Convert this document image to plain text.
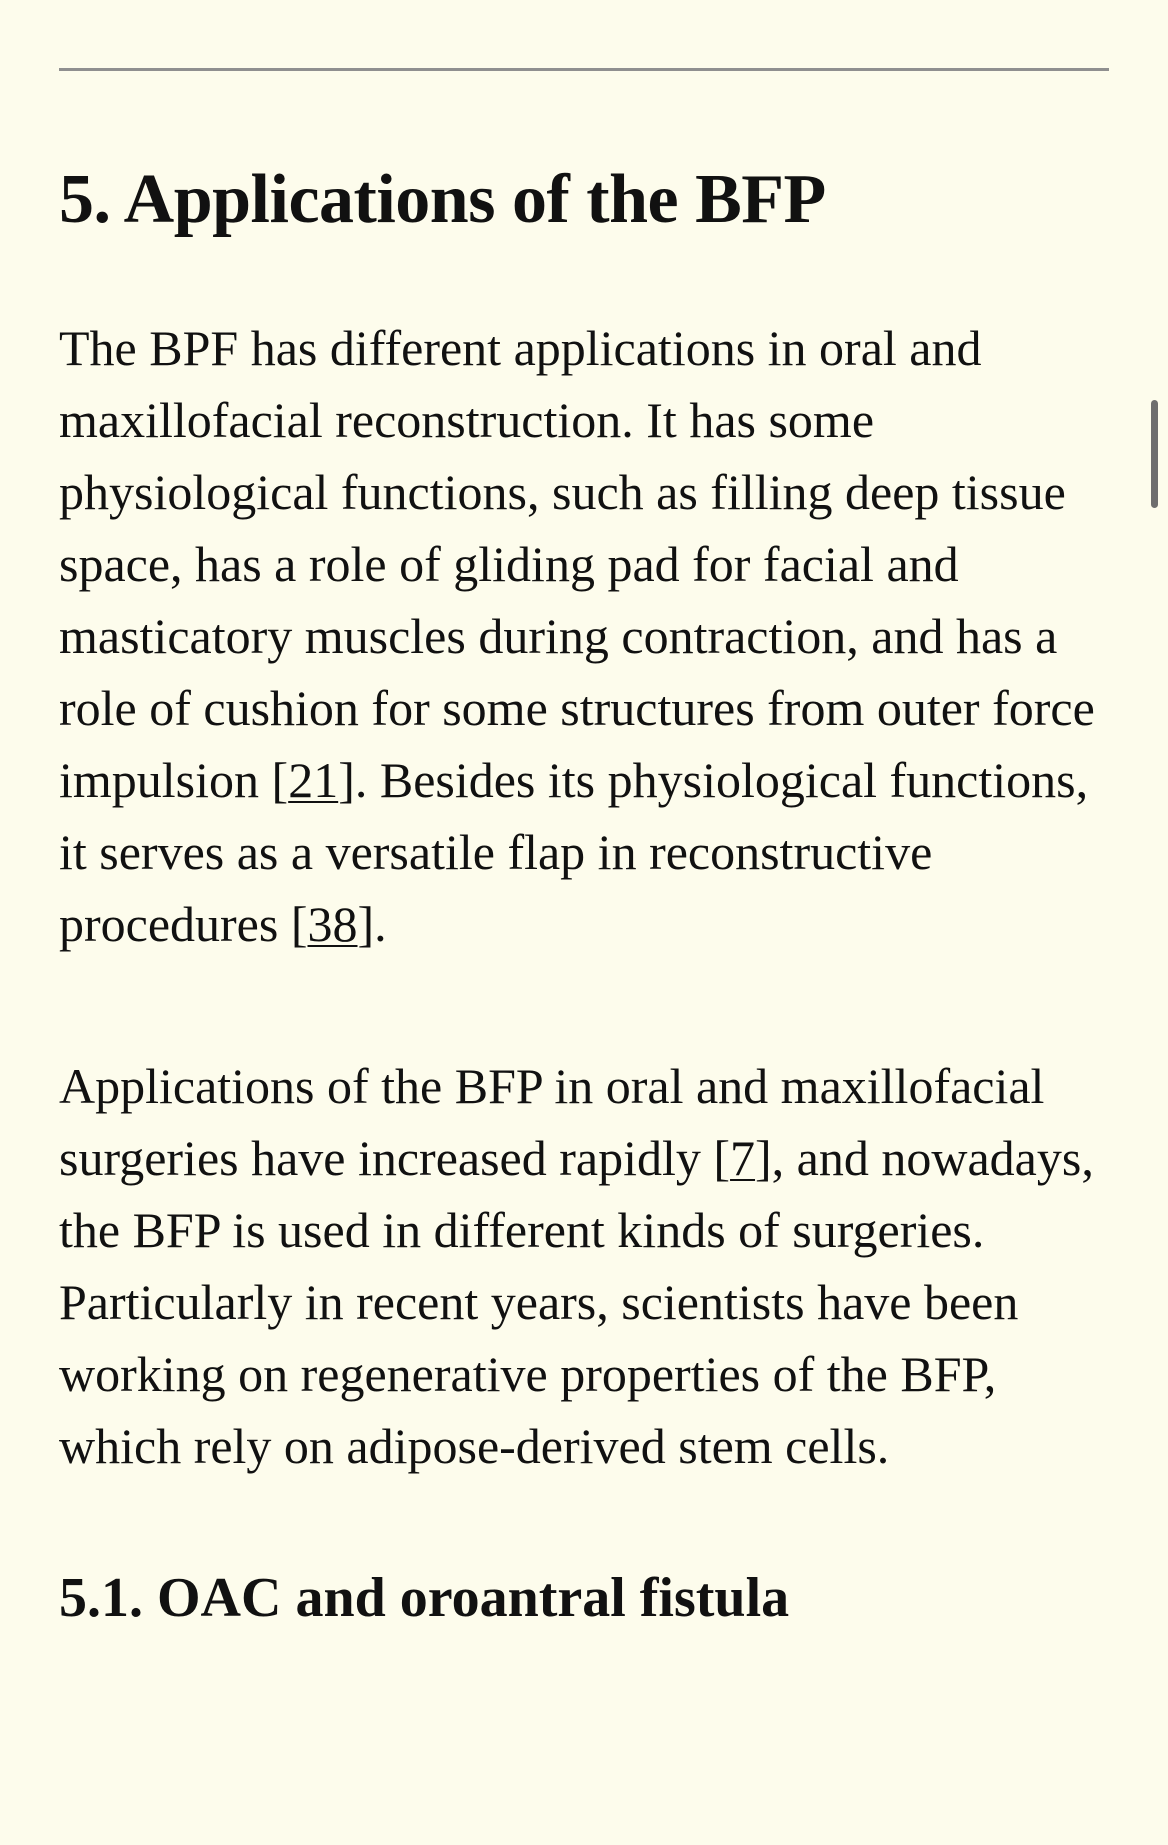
5. Applications of the BFP

The BPF has different applications in oral and maxillofacial reconstruction. It has some physiological functions, such as filling deep tissue space, has a role of gliding pad for facial and masticatory muscles during contraction, and has a role of cushion for some structures from outer force impulsion [21]. Besides its physiological functions, it serves as a versatile flap in reconstructive procedures [38].

Applications of the BFP in oral and maxillofacial surgeries have increased rapidly [7], and nowadays, the BFP is used in different kinds of surgeries. Particularly in recent years, scientists have been working on regenerative properties of the BFP, which rely on adipose-derived stem cells.

5.1. OAC and oroantral fistula
